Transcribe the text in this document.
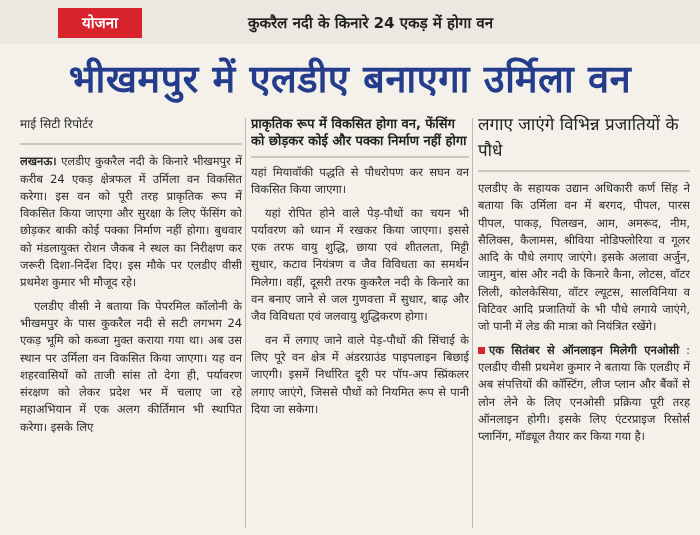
योजना	कुकरैल नदी के किनारे 24 एकड़ में होगा वन
भीखमपुर में एलडीए बनाएगा उर्मिला वन
माई सिटी रिपोर्टर

लखनऊ। एलडीए कुकरैल नदी के किनारे भीखमपुर में करीब 24 एकड़ क्षेत्रफल में उर्मिला वन विकसित करेगा। इस वन को पूरी तरह प्राकृतिक रूप में विकसित किया जाएगा और सुरक्षा के लिए फेंसिंग को छोड़कर बाकी कोई पक्का निर्माण नहीं होगा। बुधवार को मंडलायुक्त रोशन जैकब ने स्थल का निरीक्षण कर जरूरी दिशा-निर्देश दिए। इस मौके पर एलडीए वीसी प्रथमेश कुमार भी मौजूद रहे।

एलडीए वीसी ने बताया कि पेपरमिल कॉलोनी के भीखमपुर के पास कुकरैल नदी से सटी लगभग 24 एकड़ भूमि को कब्जा मुक्त कराया गया था। अब उस स्थान पर उर्मिला वन विकसित किया जाएगा। यह वन शहरवासियों को ताजी सांस तो देगा ही, पर्यावरण संरक्षण को लेकर प्रदेश भर में चलाए जा रहे महाअभियान में एक अलग कीर्तिमान भी स्थापित करेगा। इसके लिए

प्राकृतिक रूप में विकसित होगा वन, फेंसिंग को छोड़कर कोई और पक्का निर्माण नहीं होगा

यहां मियावॉकी पद्धति से पौधरोपण कर सघन वन विकसित किया जाएगा।

यहां रोपित होने वाले पेड़-पौधों का चयन भी पर्यावरण को ध्यान में रखकर किया जाएगा। इससे एक तरफ वायु शुद्धि, छाया एवं शीतलता, मिट्टी सुधार, कटाव नियंत्रण व जैव विविधता का समर्थन मिलेगा। वहीं, दूसरी तरफ कुकरैल नदी के किनारे का वन बनाए जाने से जल गुणवत्ता में सुधार, बाढ़ और जैव विविधता एवं जलवायु शुद्धिकरण होगा।

वन में लगाए जाने वाले पेड़-पौधों की सिंचाई के लिए पूरे वन क्षेत्र में अंडरग्राउंड पाइपलाइन बिछाई जाएगी। इसमें निर्धारित दूरी पर पॉप-अप स्प्रिंकलर लगाए जाएंगे, जिससे पौधों को नियमित रूप से पानी दिया जा सकेगा।

लगाए जाएंगे विभिन्न प्रजातियों के पौधे

एलडीए के सहायक उद्यान अधिकारी कर्ण सिंह ने बताया कि उर्मिला वन में बरगद, पीपल, पारस पीपल, पाकड़, पिलखन, आम, अमरूद, नीम, सैलिक्स, कैलामस, श्रीविया नोडिफ्लोरिया व गूलर आदि के पौधे लगाए जाएंगे। इसके अलावा अर्जुन, जामुन, बांस और नदी के किनारे कैना, लोटस, वॉटर लिली, कोलकेसिया, वॉटर ल्यूटस, सालविनिया व विटिवर आदि प्रजातियों के भी पौधे लगाये जाएंगे, जो पानी में लेड की मात्रा को नियंत्रित रखेंगे।

एक सितंबर से ऑनलाइन मिलेगी एनओसी : एलडीए वीसी प्रथमेश कुमार ने बताया कि एलडीए में अब संपत्तियों की कॉस्टिंग, लीज प्लान और बैंकों से लोन लेने के लिए एनओसी प्रक्रिया पूरी तरह ऑनलाइन होगी। इसके लिए एंटरप्राइज रिसोर्स प्लानिंग, मॉड्यूल तैयार कर किया गया है।
